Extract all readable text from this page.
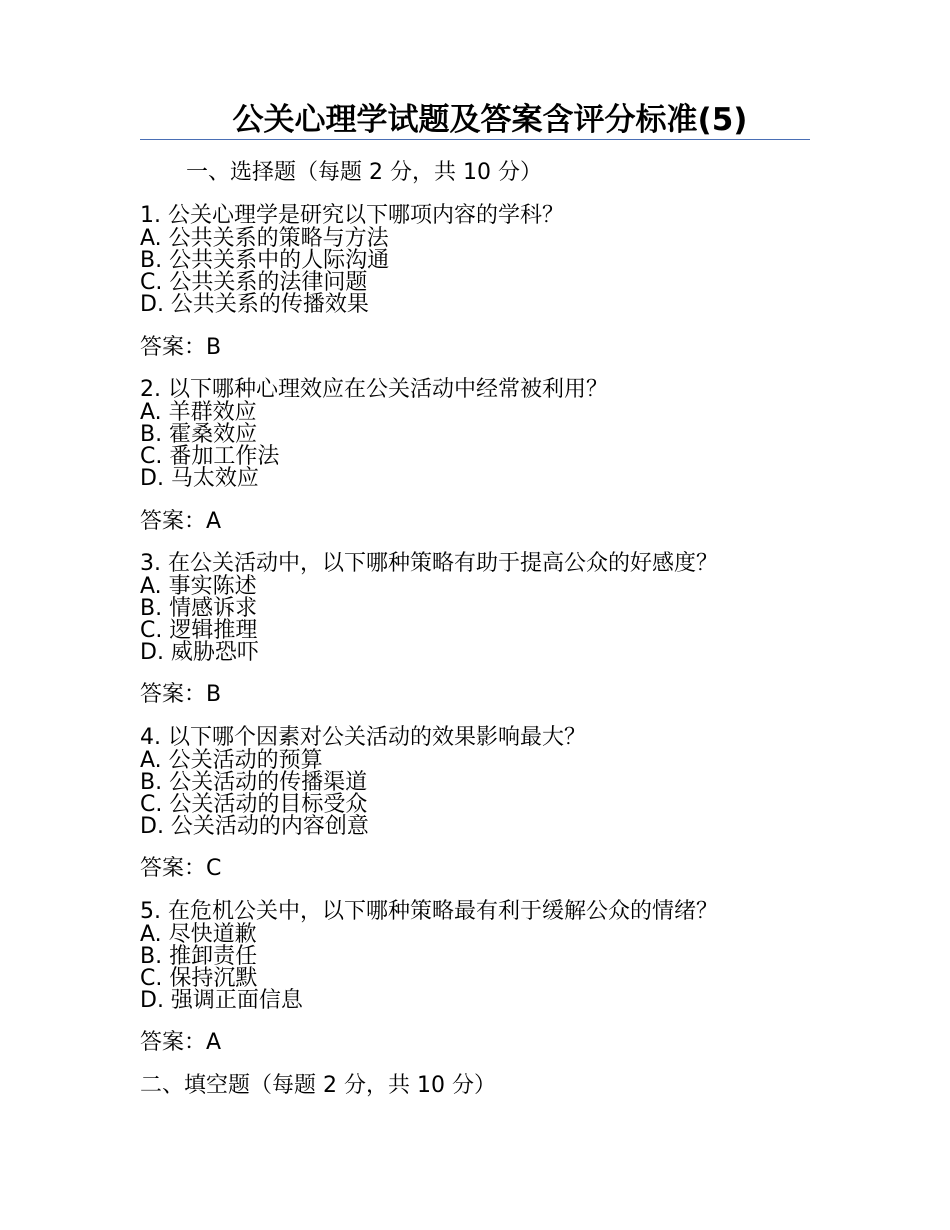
公关心理学试题及答案含评分标准(5)
一、选择题（每题 2 分，共 10 分）
1. 公关心理学是研究以下哪项内容的学科？
A. 公共关系的策略与方法
B. 公共关系中的人际沟通
C. 公共关系的法律问题
D. 公共关系的传播效果
答案：B
2. 以下哪种心理效应在公关活动中经常被利用？
A. 羊群效应
B. 霍桑效应
C. 番加工作法
D. 马太效应
答案：A
3. 在公关活动中，以下哪种策略有助于提高公众的好感度？
A. 事实陈述
B. 情感诉求
C. 逻辑推理
D. 威胁恐吓
答案：B
4. 以下哪个因素对公关活动的效果影响最大？
A. 公关活动的预算
B. 公关活动的传播渠道
C. 公关活动的目标受众
D. 公关活动的内容创意
答案：C
5. 在危机公关中，以下哪种策略最有利于缓解公众的情绪？
A. 尽快道歉
B. 推卸责任
C. 保持沉默
D. 强调正面信息
答案：A
二、填空题（每题 2 分，共 10 分）
